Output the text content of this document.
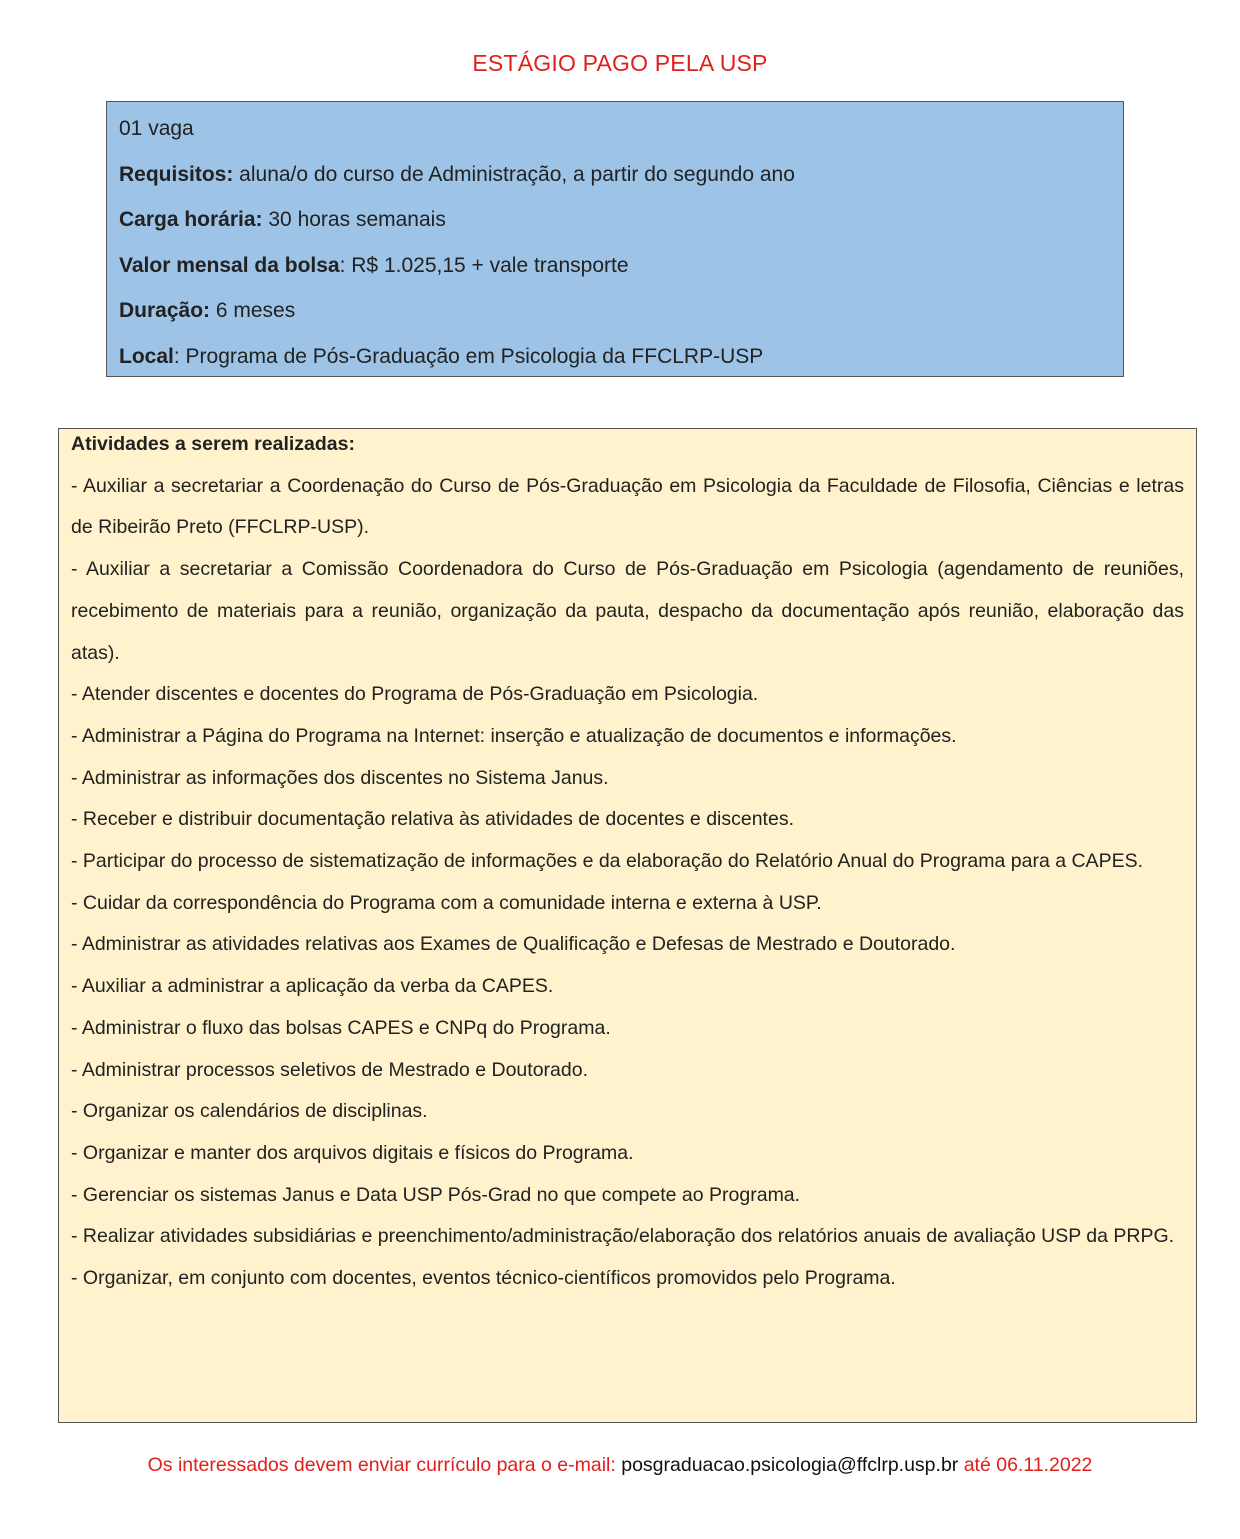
ESTÁGIO PAGO PELA USP
01 vaga
Requisitos: aluna/o do curso de Administração, a partir do segundo ano
Carga horária: 30 horas semanais
Valor mensal da bolsa: R$ 1.025,15 + vale transporte
Duração: 6 meses
Local: Programa de Pós-Graduação em Psicologia da FFCLRP-USP
Atividades a serem realizadas:
- Auxiliar a secretariar a Coordenação do Curso de Pós-Graduação em Psicologia da Faculdade de Filosofia, Ciências e letras de Ribeirão Preto (FFCLRP-USP).
- Auxiliar a secretariar a Comissão Coordenadora do Curso de Pós-Graduação em Psicologia (agendamento de reuniões, recebimento de materiais para a reunião, organização da pauta, despacho da documentação após reunião, elaboração das atas).
- Atender discentes e docentes do Programa de Pós-Graduação em Psicologia.
- Administrar a Página do Programa na Internet: inserção e atualização de documentos e informações.
- Administrar as informações dos discentes no Sistema Janus.
- Receber e distribuir documentação relativa às atividades de docentes e discentes.
- Participar do processo de sistematização de informações e da elaboração do Relatório Anual do Programa para a CAPES.
- Cuidar da correspondência do Programa com a comunidade interna e externa à USP.
- Administrar as atividades relativas aos Exames de Qualificação e Defesas de Mestrado e Doutorado.
- Auxiliar a administrar a aplicação da verba da CAPES.
- Administrar o fluxo das bolsas CAPES e CNPq do Programa.
- Administrar processos seletivos de Mestrado e Doutorado.
- Organizar os calendários de disciplinas.
- Organizar e manter dos arquivos digitais e físicos do Programa.
- Gerenciar os sistemas Janus e Data USP Pós-Grad no que compete ao Programa.
- Realizar atividades subsidiárias e preenchimento/administração/elaboração dos relatórios anuais de avaliação USP da PRPG.
- Organizar, em conjunto com docentes, eventos técnico-científicos promovidos pelo Programa.
Os interessados devem enviar currículo para o e-mail: posgraduacao.psicologia@ffclrp.usp.br até 06.11.2022
